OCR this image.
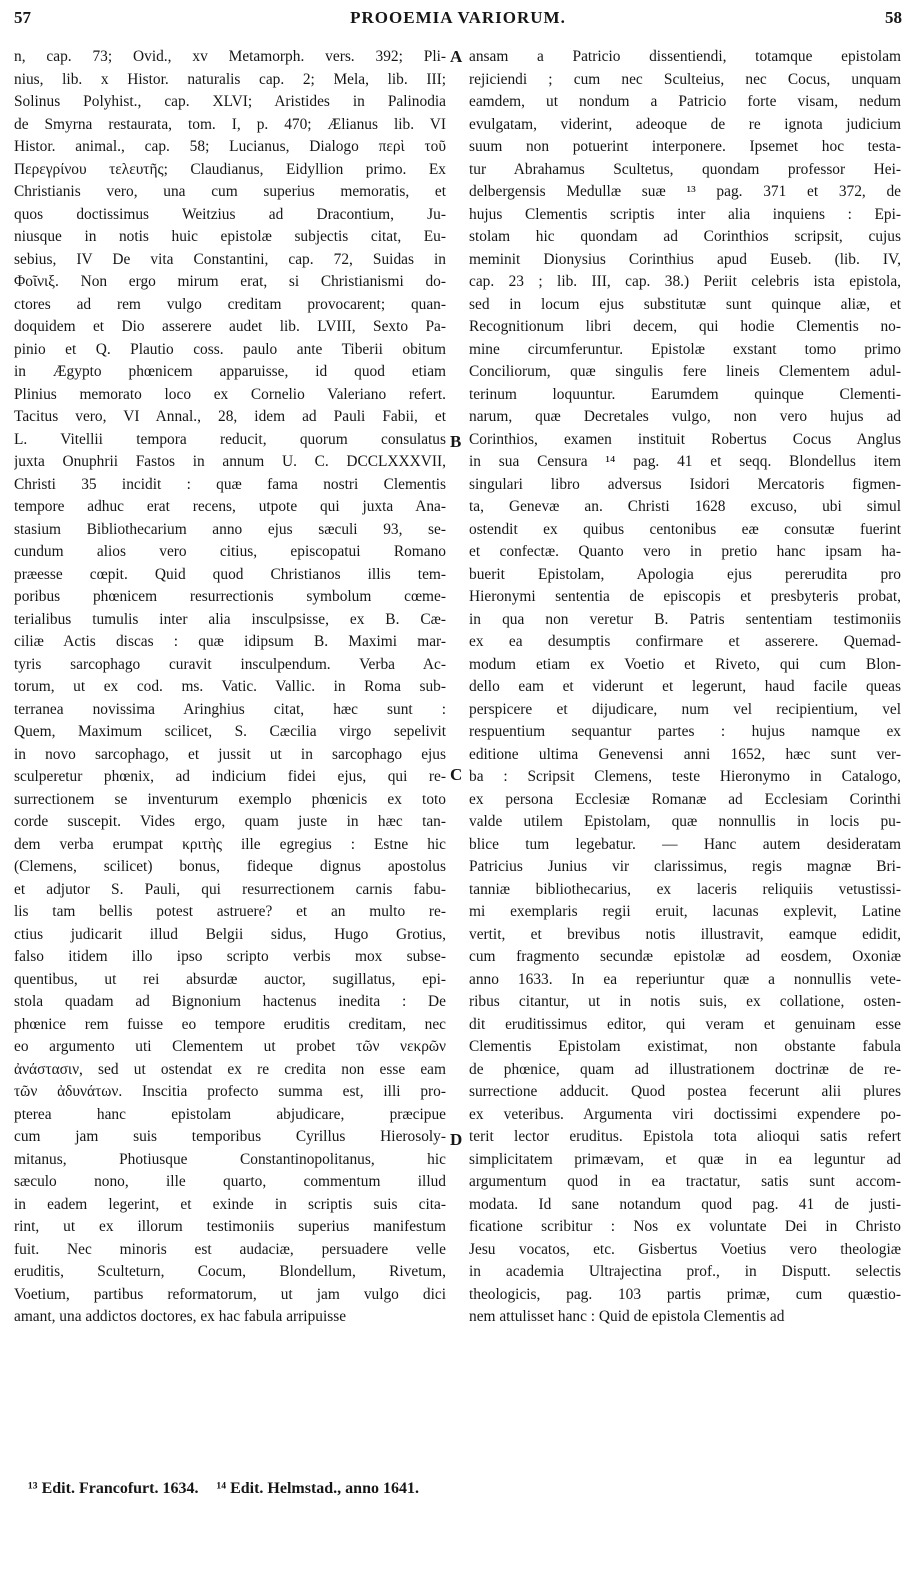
57	PROOEMIA VARIORUM.	58
n, cap. 73; Ovid., xv Metamorph. vers. 392; Pli-
nius, lib. x Histor. naturalis cap. 2; Mela, lib. III;
Solinus Polyhist., cap. XLVI; Aristides in Palinodia
de Smyrna restaurata, tom. I, p. 470; Ælianus lib. VI
Histor. animal., cap. 58; Lucianus, Dialogo περὶ τοῦ
Περεγρίνου τελευτῆς; Claudianus, Eidyllion primo. Ex
Christianis vero, una cum superius memoratis, et
quos doctissimus Weitzius ad Dracontium, Ju-
niusque in notis huic epistolæ subjectis citat, Eu-
sebius, IV De vita Constantini, cap. 72, Suidas in
Φοῖνιξ. Non ergo mirum erat, si Christianismi do-
ctores ad rem vulgo creditam provocarent; quan-
doquidem et Dio asserere audet lib. LVIII, Sexto Pa-
pinio et Q. Plautio coss. paulo ante Tiberii obitum
in Ægypto phœnicem apparuisse, id quod etiam
Plinius memorato loco ex Cornelio Valeriano refert.
Tacitus vero, VI Annal., 28, idem ad Pauli Fabii, et
L. Vitellii tempora reducit, quorum consulatus
juxta Onuphrii Fastos in annum U. C. DCCLXXXVII,
Christi 35 incidit : quæ fama nostri Clementis
tempore adhuc erat recens, utpote qui juxta Ana-
stasium Bibliothecarium anno ejus sæculi 93, se-
cundum alios vero citius, episcopatui Romano
præesse cœpit. Quid quod Christianos illis tem-
poribus phœnicem resurrectionis symbolum cœme-
terialibus tumulis inter alia insculpsisse, ex B. Cæ-
ciliæ Actis discas : quæ idipsum B. Maximi mar-
tyris sarcophago curavit insculpendum. Verba Ac-
torum, ut ex cod. ms. Vatic. Vallic. in Roma sub-
terranea novissima Aringhius citat, hæc sunt :
Quem, Maximum scilicet, S. Cæcilia virgo sepelivit
in novo sarcophago, et jussit ut in sarcophago ejus
sculperetur phœnix, ad indicium fidei ejus, qui re-
surrectionem se inventurum exemplo phœnicis ex toto
corde suscepit. Vides ergo, quam juste in hæc tan-
dem verba erumpat κριτὴς ille egregius : Estne hic
(Clemens, scilicet) bonus, fideque dignus apostolus
et adjutor S. Pauli, qui resurrectionem carnis fabu-
lis tam bellis potest astruere? et an multo re-
ctius judicarit illud Belgii sidus, Hugo Grotius,
falso itidem illo ipso scripto verbis mox subse-
quentibus, ut rei absurdæ auctor, sugillatus, epi-
stola quadam ad Bignonium hactenus inedita : De
phœnice rem fuisse eo tempore eruditis creditam, nec
eo argumento uti Clementem ut probet τῶν νεκρῶν
ἀνάστασιν, sed ut ostendat ex re credita non esse eam
τῶν ἀδυνάτων. Inscitia profecto summa est, illi pro-
pterea hanc epistolam abjudicare, præcipue
cum jam suis temporibus Cyrillus Hierosoly-
mitanus, Photiusque Constantinopolitanus, hic
sæculo nono, ille quarto, commentum illud
in eadem legerint, et exinde in scriptis suis cita-
rint, ut ex illorum testimoniis superius manifestum
fuit. Nec minoris est audaciæ, persuadere velle
eruditis, Sculteturn, Cocum, Blondellum, Rivetum,
Voetium, partibus reformatorum, ut jam vulgo dici
amant, una addictos doctores, ex hac fabula arripuisse
ansam a Patricio dissentiendi, totamque epistolam
rejiciendi ; cum nec Sculteius, nec Cocus, unquam
eamdem, ut nondum a Patricio forte visam, nedum
evulgatam, viderint, adeoque de re ignota judicium
suum non potuerint interponere. Ipsemet hoc testa-
tur Abrahamus Scultetus, quondam professor Hei-
delbergensis Medullæ suæ ¹³ pag. 371 et 372, de
hujus Clementis scriptis inter alia inquiens : Epi-
stolam hic quondam ad Corinthios scripsit, cujus
meminit Dionysius Corinthius apud Euseb. (lib. IV,
cap. 23 ; lib. III, cap. 38.) Periit celebris ista epistola,
sed in locum ejus substitutæ sunt quinque aliæ, et
Recognitionum libri decem, qui hodie Clementis no-
mine circumferuntur. Epistolæ exstant tomo primo
Conciliorum, quæ singulis fere lineis Clementem adul-
terinum loquuntur. Earumdem quinque Clementi-
narum, quæ Decretales vulgo, non vero hujus ad
Corinthios, examen instituit Robertus Cocus Anglus
in sua Censura ¹⁴ pag. 41 et seqq. Blondellus item
singulari libro adversus Isidori Mercatoris figmen-
ta, Genevæ an. Christi 1628 excuso, ubi simul
ostendit ex quibus centonibus eæ consutæ fuerint
et confectæ. Quanto vero in pretio hanc ipsam ha-
buerit Epistolam, Apologia ejus pereruditа pro
Hieronymi sententia de episcopis et presbyteris probat,
in qua non veretur B. Patris sententiam testimoniis
ex ea desumptis confirmare et asserere. Quemad-
modum etiam ex Voetio et Riveto, qui cum Blon-
dello eam et viderunt et legerunt, haud facile queas
perspicere et dijudicare, num vel recipientium, vel
respuentium sequantur partes : hujus namque ex
editione ultima Genevensi anni 1652, hæc sunt ver-
ba : Scripsit Clemens, teste Hieronymo in Catalogo,
ex persona Ecclesiæ Romanæ ad Ecclesiam Corinthi
valde utilem Epistolam, quæ nonnullis in locis pu-
blice tum legebatur. — Hanc autem desideratam
Patricius Junius vir clarissimus, regis magnæ Bri-
tanniæ bibliothecarius, ex laceris reliquiis vetustissi-
mi exemplaris regii eruit, lacunas explevit, Latine
vertit, et brevibus notis illustravit, eamque edidit,
cum fragmento secundæ epistolæ ad eosdem, Oxoniæ
anno 1633. In ea reperiuntur quæ a nonnullis vete-
ribus citantur, ut in notis suis, ex collatione, osten-
dit eruditissimus editor, qui veram et genuinam esse
Clementis Epistolam existimat, non obstante fabula
de phœnice, quam ad illustrationem doctrinæ de re-
surrectione adducit. Quod postea fecerunt alii plures
ex veteribus. Argumenta viri doctissimi expendere po-
terit lector eruditus. Epistola tota alioqui satis refert
simplicitatem primævam, et quæ in ea leguntur ad
argumentum quod in ea tractatur, satis sunt accom-
modata. Id sane notandum quod pag. 41 de justi-
ficatione scribitur : Nos ex voluntate Dei in Christo
Jesu vocatos, etc. Gisbertus Voetius vero theologiæ
in academia Ultrajectina prof., in Disputt. selectis
theologicis, pag. 103 partis primæ, cum quæstio-
nem attulisset hanc : Quid de epistola Clementis ad
A
B
C
D
¹³ Edit. Francofurt. 1634. ¹⁴ Edit. Helmstad., anno 1641.
